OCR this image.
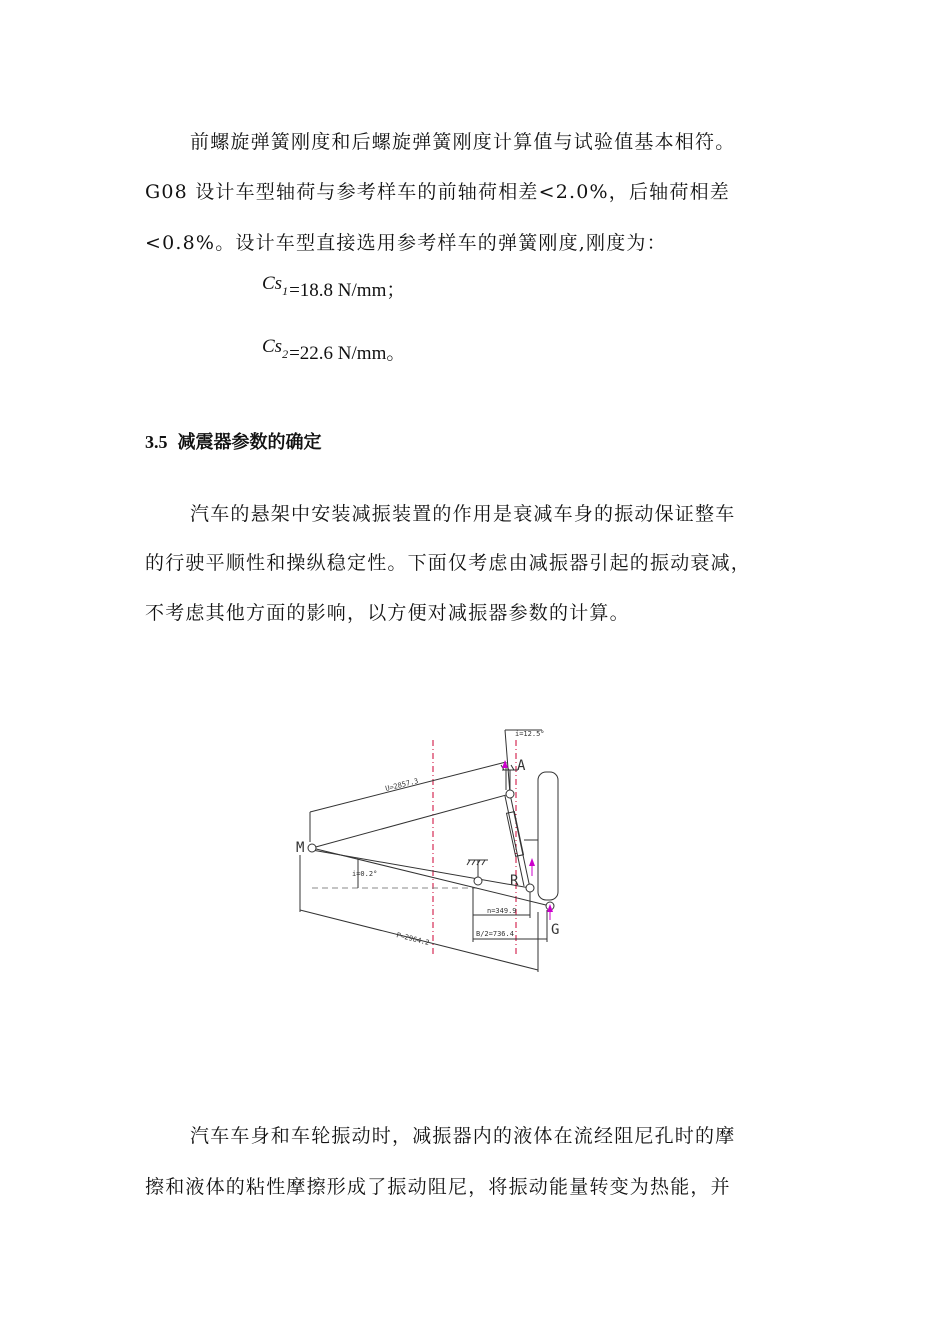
前螺旋弹簧刚度和后螺旋弹簧刚度计算值与试验值基本相符。
G08 设计车型轴荷与参考样车的前轴荷相差<2.0%，后轴荷相差
<0.8%。设计车型直接选用参考样车的弹簧刚度,刚度为：
Cs1=18.8 N/mm；
Cs2=22.6 N/mm。
3.5 减震器参数的确定
汽车的悬架中安装减振装置的作用是衰减车身的振动保证整车
的行驶平顺性和操纵稳定性。下面仅考虑由减振器引起的振动衰减，
不考虑其他方面的影响，以方便对减振器参数的计算。
M
A
R
G
U=2857.3
P=2964.2	B/2=736.4
n=349.9
i=12.5°
i=0.2°
汽车车身和车轮振动时，减振器内的液体在流经阻尼孔时的摩
擦和液体的粘性摩擦形成了振动阻尼，将振动能量转变为热能，并
